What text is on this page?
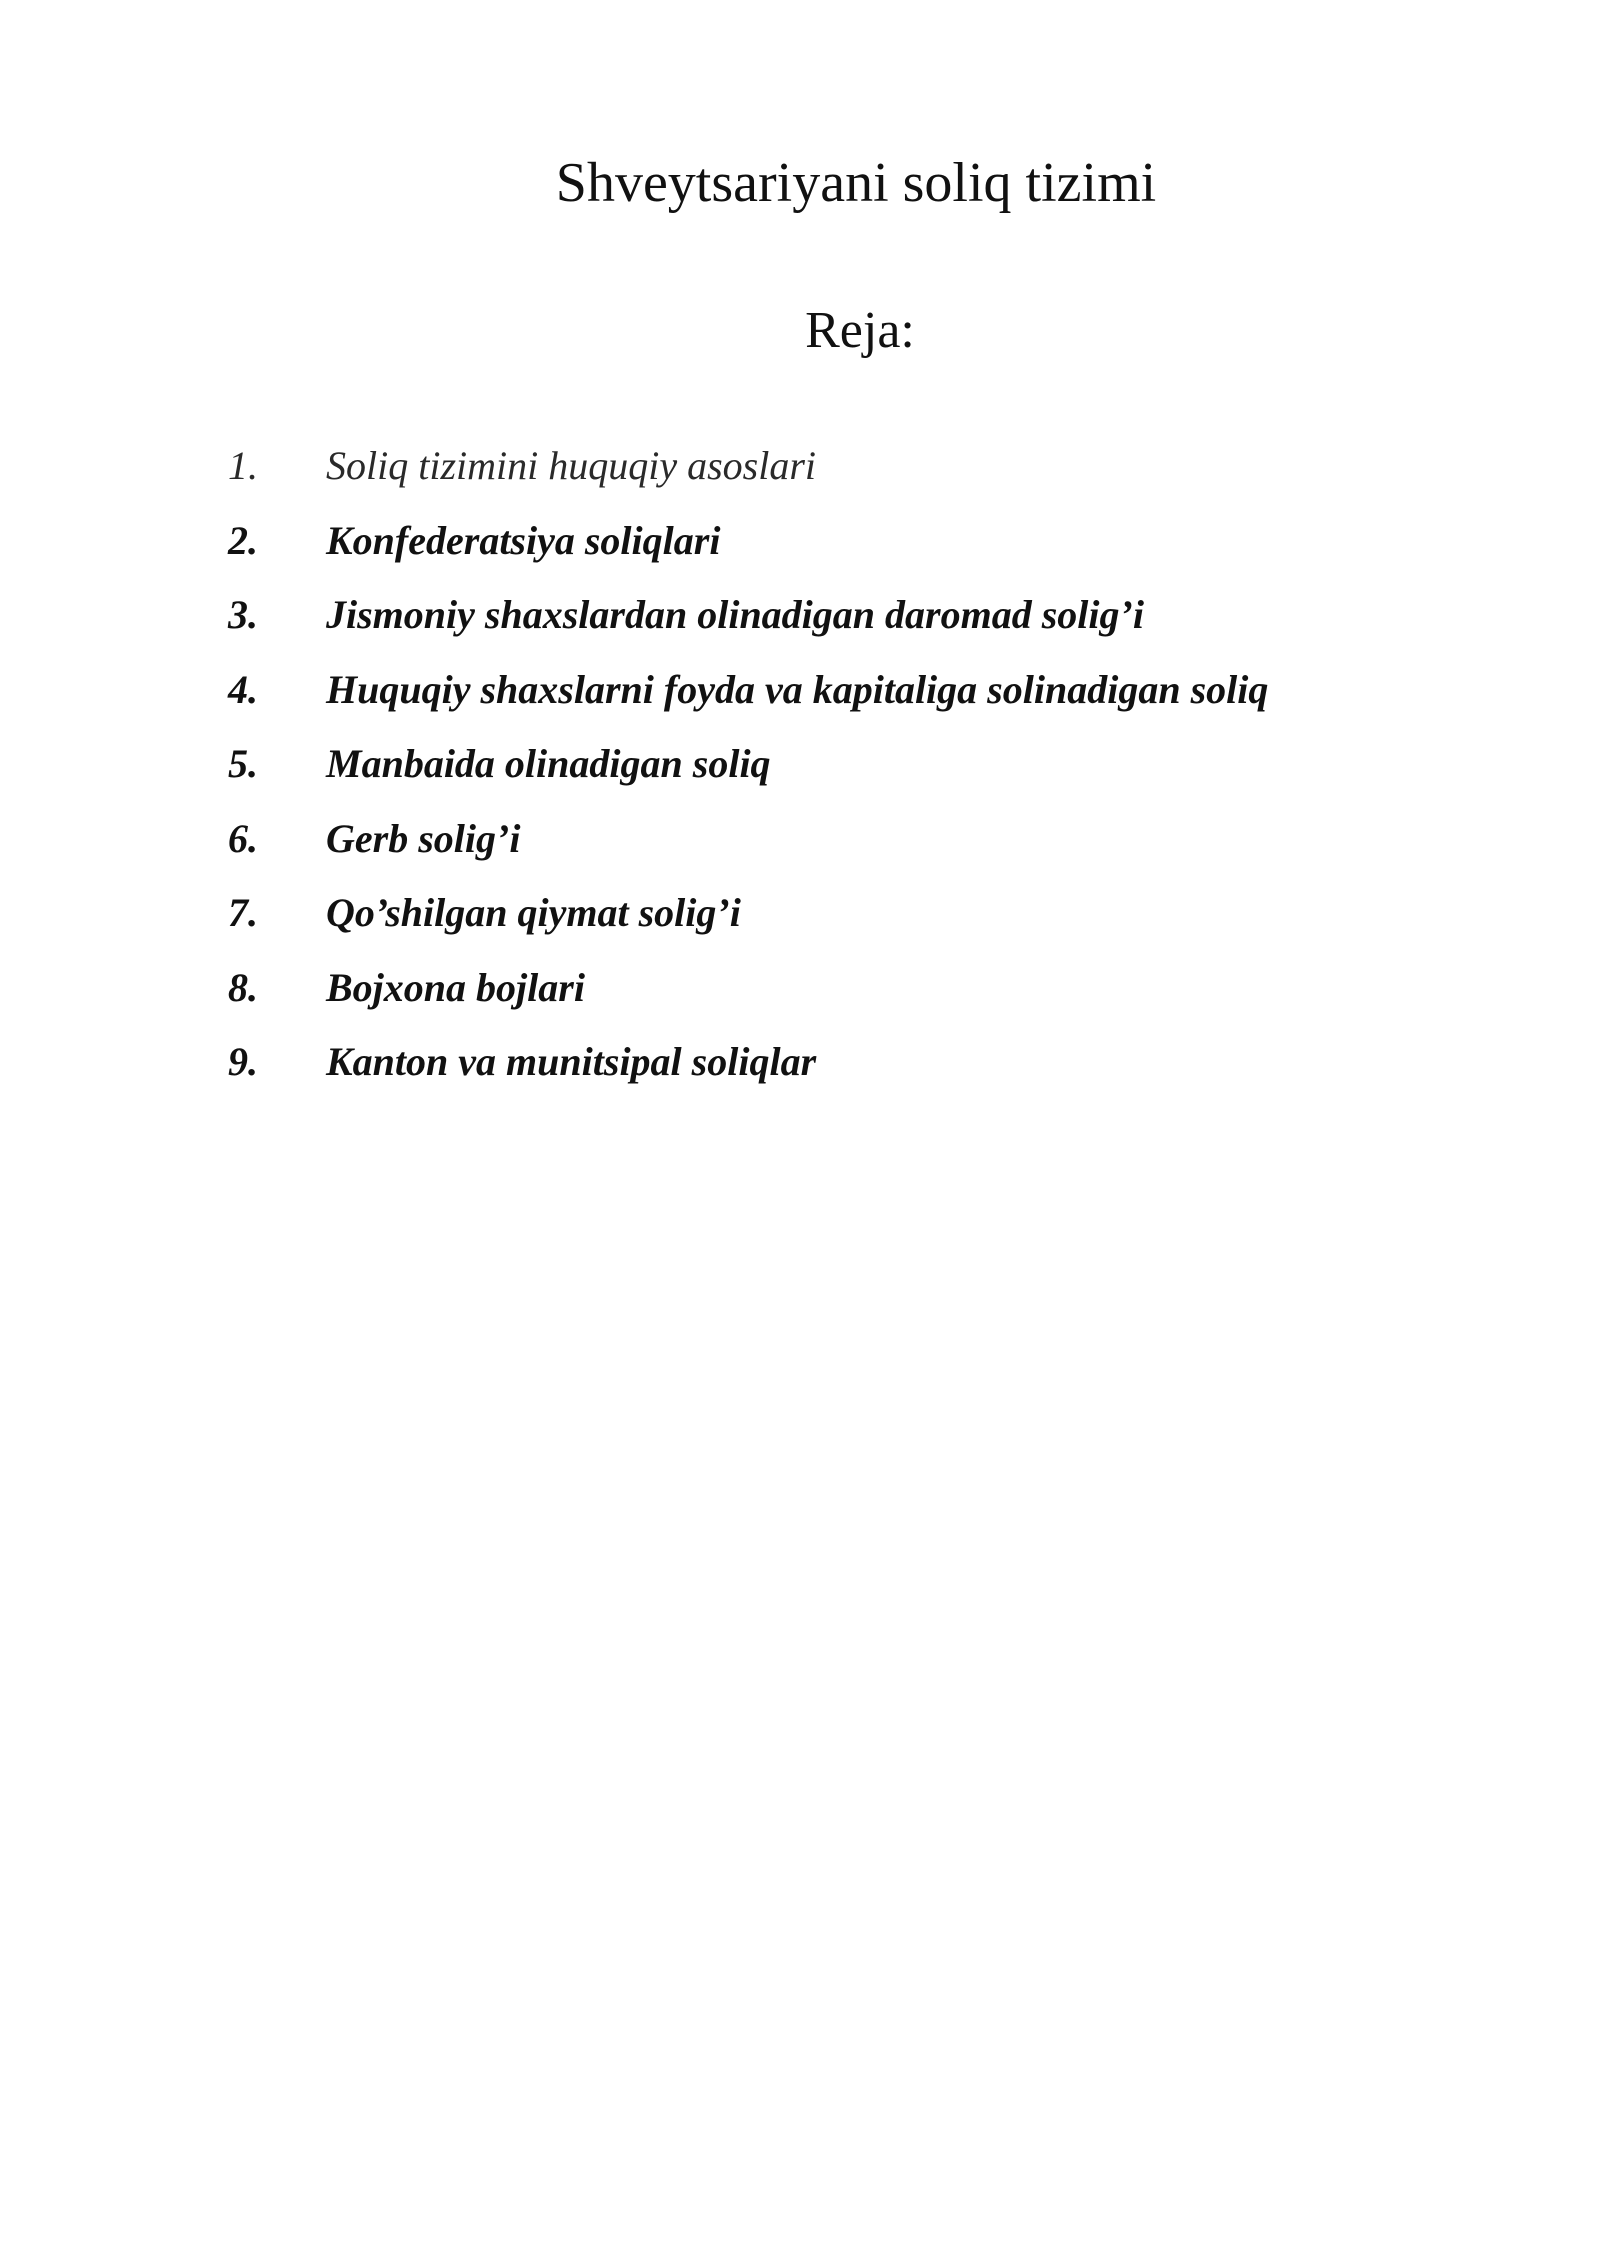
Shveytsariyani soliq tizimi
Reja:
1. Soliq tizimini huquqiy asoslari
2. Konfederatsiya soliqlari
3. Jismoniy shaxslardan olinadigan daromad solig’i
4. Huquqiy shaxslarni foyda va kapitaliga solinadigan soliq
5. Manbaida olinadigan soliq
6. Gerb solig’i
7. Qo’shilgan qiymat solig’i
8. Bojxona bojlari
9. Kanton va munitsipal soliqlar
